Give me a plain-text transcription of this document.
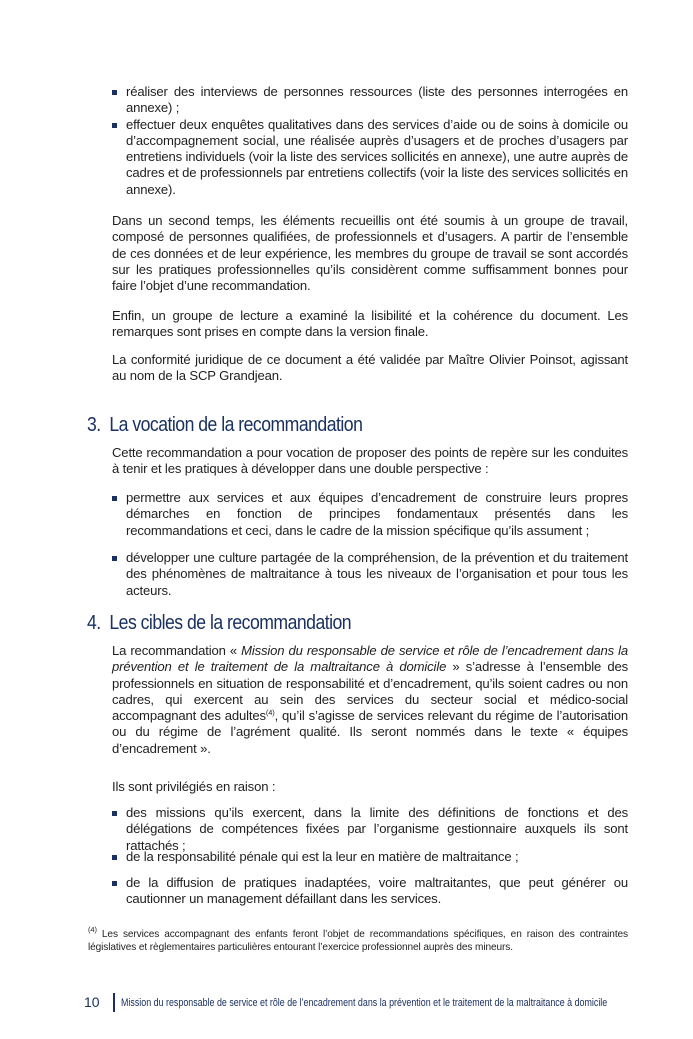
réaliser des interviews de personnes ressources (liste des personnes interrogées en annexe) ;
effectuer deux enquêtes qualitatives dans des services d’aide ou de soins à domicile ou d’accompagnement social, une réalisée auprès d’usagers et de proches d’usagers par entretiens individuels (voir la liste des services sollicités en annexe), une autre auprès de cadres et de professionnels par entretiens collectifs (voir la liste des services sollicités en annexe).

Dans un second temps, les éléments recueillis ont été soumis à un groupe de travail, composé de personnes qualifiées, de professionnels et d’usagers. A partir de l’ensemble de ces données et de leur expérience, les membres du groupe de travail se sont accordés sur les pratiques professionnelles qu’ils considèrent comme suffisamment bonnes pour faire l’objet d’une recommandation.

Enfin, un groupe de lecture a examiné la lisibilité et la cohérence du document. Les remarques sont prises en compte dans la version finale.

La conformité juridique de ce document a été validée par Maître Olivier Poinsot, agissant au nom de la SCP Grandjean.

3. La vocation de la recommandation

Cette recommandation a pour vocation de proposer des points de repère sur les conduites à tenir et les pratiques à développer dans une double perspective :

permettre aux services et aux équipes d’encadrement de construire leurs propres démarches en fonction de principes fondamentaux présentés dans les recommandations et ceci, dans le cadre de la mission spécifique qu’ils assument ;
développer une culture partagée de la compréhension, de la prévention et du traitement des phénomènes de maltraitance à tous les niveaux de l’organisation et pour tous les acteurs.
4. Les cibles de la recommandation

La recommandation « Mission du responsable de service et rôle de l’encadrement dans la prévention et le traitement de la maltraitance à domicile » s’adresse à l’ensemble des professionnels en situation de responsabilité et d’encadrement, qu’ils soient cadres ou non cadres, qui exercent au sein des services du secteur social et médico-social accompagnant des adultes$^{(4)}$, qu’il s’agisse de services relevant du régime de l’autorisation ou du régime de l’agrément qualité. Ils seront nommés dans le texte « équipes d’encadrement ».

Ils sont privilégiés en raison :

des missions qu’ils exercent, dans la limite des définitions de fonctions et des délégations de compétences fixées par l’organisme gestionnaire auxquels ils sont rattachés ;
de la responsabilité pénale qui est la leur en matière de maltraitance ;
de la diffusion de pratiques inadaptées, voire maltraitantes, que peut générer ou cautionner un management défaillant dans les services.
$^{(4)}$ Les services accompagnant des enfants feront l’objet de recommandations spécifiques, en raison des contraintes législatives et règlementaires particulières entourant l’exercice professionnel auprès des mineurs.
10 Mission du responsable de service et rôle de l’encadrement dans la prévention et le traitement de la maltraitance à domicile
